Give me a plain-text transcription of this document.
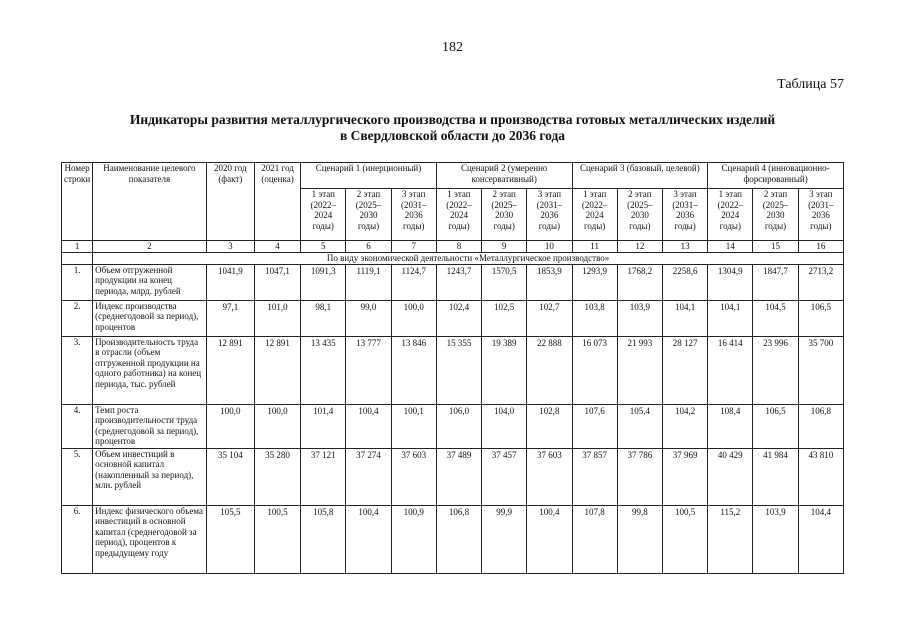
182
Таблица 57
Индикаторы развития металлургического производства и производства готовых металлических изделий
в Свердловской области до 2036 года
Номер строки	Наименование целевого показателя	2020 год (факт)	2021 год (оценка)	Сценарий 1 (инерционный)			Сценарий 2 (умеренно консервативный)			Сценарий 3 (базовый, целевой)			Сценарий 4 (инновационно-форсированный)		
				1 этап (2022–2024 годы)	2 этап (2025–2030 годы)	3 этап (2031–2036 годы)	1 этап (2022–2024 годы)	2 этап (2025–2030 годы)	3 этап (2031–2036 годы)	1 этап (2022–2024 годы)	2 этап (2025–2030 годы)	3 этап (2031–2036 годы)	1 этап (2022–2024 годы)	2 этап (2025–2030 годы)	3 этап (2031–2036 годы)
1	2	3	4	5	6	7	8	9	10	11	12	13	14	15	16
	По виду экономической деятельности «Металлургическое производство»														
1.	Объем отгруженной продукции на конец периода, млрд. рублей	1041,9	1047,1	1091,3	1119,1	1124,7	1243,7	1570,5	1853,9	1293,9	1768,2	2258,6	1304,9	1847,7	2713,2
2.	Индекс производства (среднегодовой за период), процентов	97,1	101,0	98,1	99,0	100,0	102,4	102,5	102,7	103,8	103,9	104,1	104,1	104,5	106,5
3.	Производительность труда в отрасли (объем отгруженной продукции на одного работника) на конец периода, тыс. рублей	12 891	12 891	13 435	13 777	13 846	15 355	19 389	22 888	16 073	21 993	28 127	16 414	23 996	35 700
4.	Темп роста производительности труда (среднегодовой за период), процентов	100,0	100,0	101,4	100,4	100,1	106,0	104,0	102,8	107,6	105,4	104,2	108,4	106,5	106,8
5.	Объем инвестиций в основной капитал (накопленный за период), млн. рублей	35 104	35 280	37 121	37 274	37 603	37 489	37 457	37 603	37 857	37 786	37 969	40 429	41 984	43 810
6.	Индекс физического объема инвестиций в основной капитал (среднегодовой за период), процентов к предыдущему году	105,5	100,5	105,8	100,4	100,9	106,8	99,9	100,4	107,8	99,8	100,5	115,2	103,9	104,4
